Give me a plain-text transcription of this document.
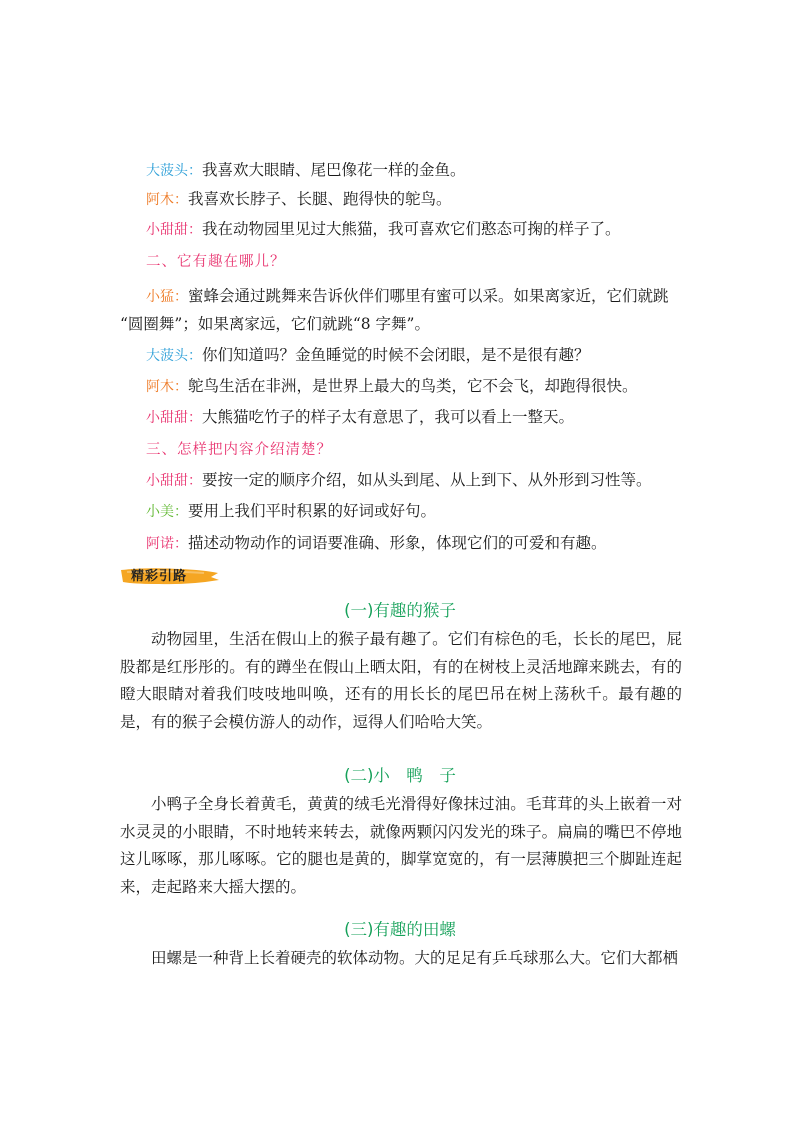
大菠头：我喜欢大眼睛、尾巴像花一样的金鱼。
阿木：我喜欢长脖子、长腿、跑得快的鸵鸟。
小甜甜：我在动物园里见过大熊猫，我可喜欢它们憨态可掬的样子了。
二、它有趣在哪儿？
小猛：蜜蜂会通过跳舞来告诉伙伴们哪里有蜜可以采。如果离家近，它们就跳
“圆圈舞”；如果离家远，它们就跳“8 字舞”。
大菠头：你们知道吗？金鱼睡觉的时候不会闭眼，是不是很有趣？
阿木：鸵鸟生活在非洲，是世界上最大的鸟类，它不会飞，却跑得很快。
小甜甜：大熊猫吃竹子的样子太有意思了，我可以看上一整天。
三、怎样把内容介绍清楚？
小甜甜：要按一定的顺序介绍，如从头到尾、从上到下、从外形到习性等。
小美：要用上我们平时积累的好词或好句。
阿诺：描述动物动作的词语要准确、形象，体现它们的可爱和有趣。
精彩引路
(一)有趣的猴子

动物园里，生活在假山上的猴子最有趣了。它们有棕色的毛，长长的尾巴，屁股都是红彤彤的。有的蹲坐在假山上晒太阳，有的在树枝上灵活地蹿来跳去，有的瞪大眼睛对着我们吱吱地叫唤，还有的用长长的尾巴吊在树上荡秋千。最有趣的是，有的猴子会模仿游人的动作，逗得人们哈哈大笑。

(二)小　鸭　子

小鸭子全身长着黄毛，黄黄的绒毛光滑得好像抹过油。毛茸茸的头上嵌着一对水灵灵的小眼睛，不时地转来转去，就像两颗闪闪发光的珠子。扁扁的嘴巴不停地这儿啄啄，那儿啄啄。它的腿也是黄的，脚掌宽宽的，有一层薄膜把三个脚趾连起来，走起路来大摇大摆的。

(三)有趣的田螺

田螺是一种背上长着硬壳的软体动物。大的足足有乒乓球那么大。它们大都栖
